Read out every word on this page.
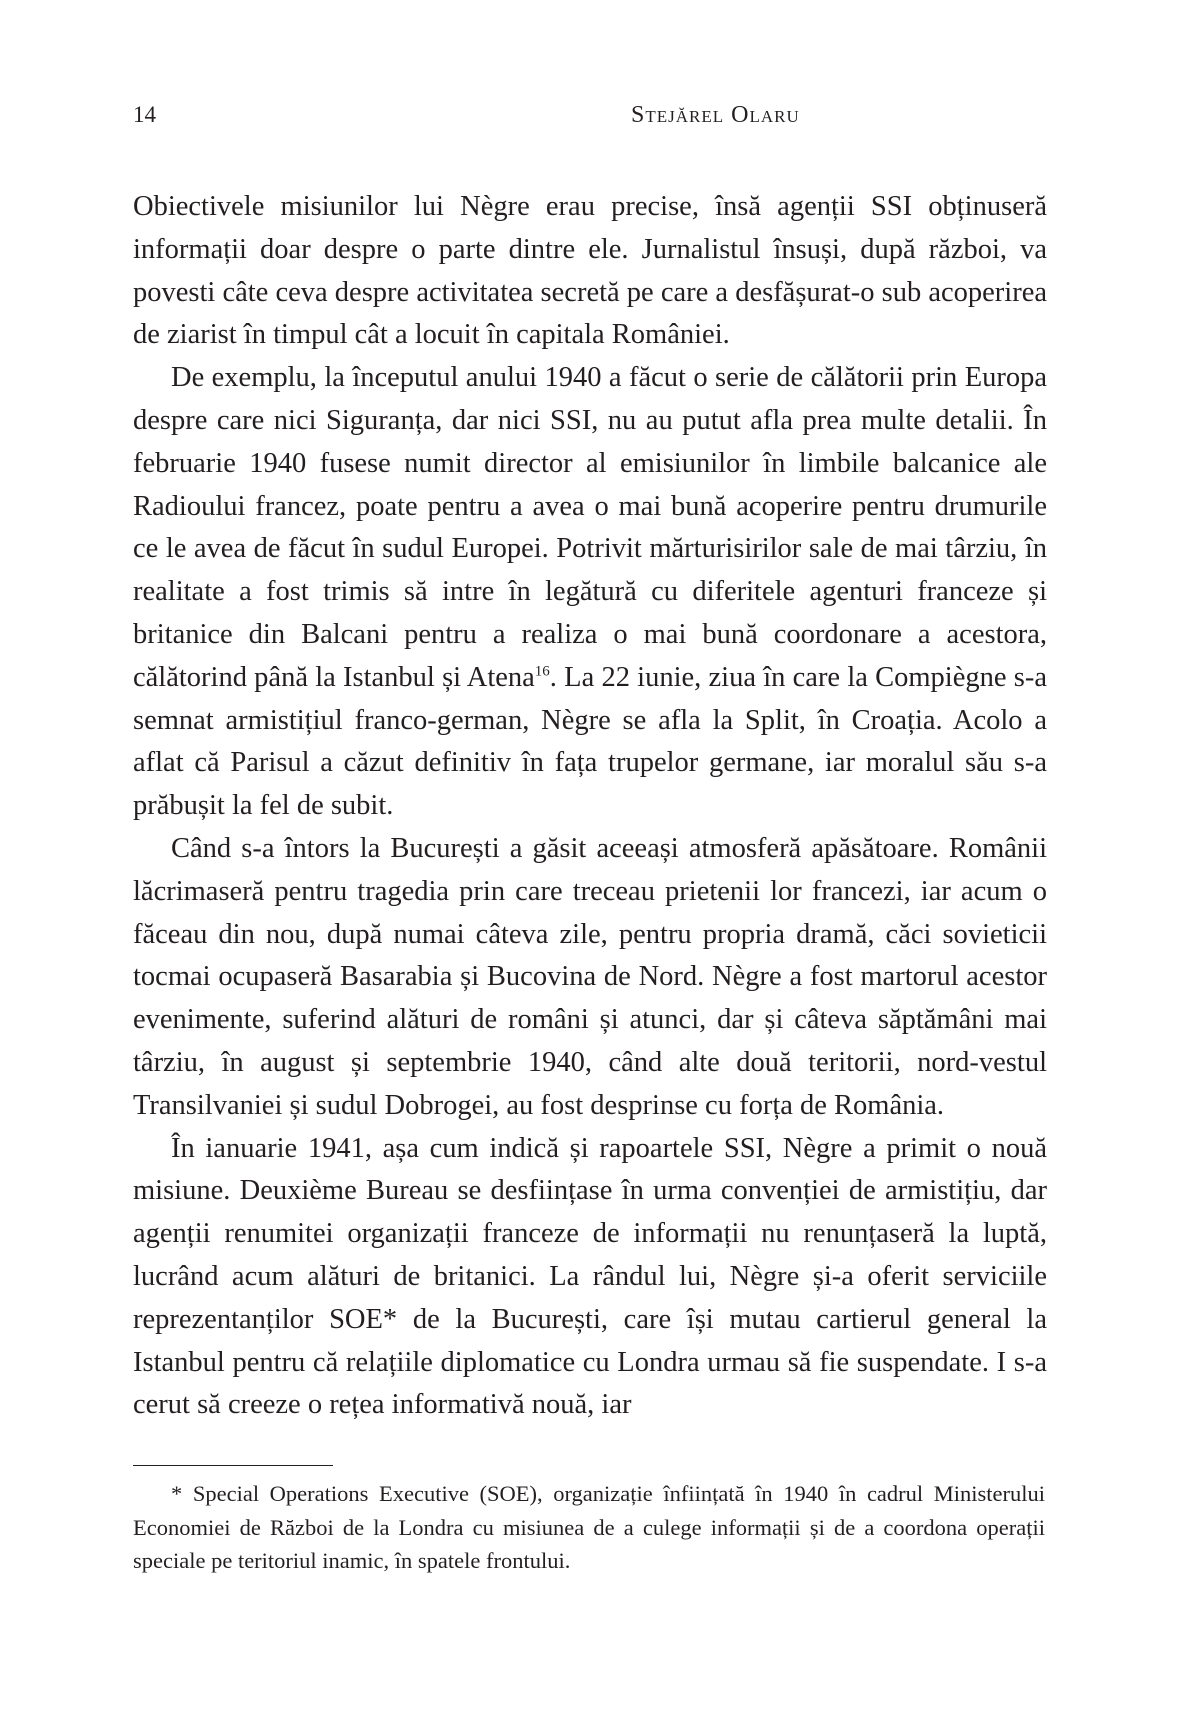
14	Stejărel Olaru

Obiectivele misiunilor lui Nègre erau precise, însă agenții SSI obținuseră informații doar despre o parte dintre ele. Jurnalistul însuși, după război, va povesti câte ceva despre activitatea secretă pe care a desfășurat-o sub acoperirea de ziarist în timpul cât a locuit în capitala României.

De exemplu, la începutul anului 1940 a făcut o serie de călătorii prin Europa despre care nici Siguranța, dar nici SSI, nu au putut afla prea multe detalii. În februarie 1940 fusese numit director al emisiunilor în limbile balcanice ale Radioului francez, poate pentru a avea o mai bună acoperire pentru drumurile ce le avea de făcut în sudul Europei. Potrivit mărturisirilor sale de mai târziu, în realitate a fost trimis să intre în legătură cu diferitele agenturi franceze și britanice din Balcani pentru a realiza o mai bună coordonare a acestora, călătorind până la Istanbul și Atena$^{16}$. La 22 iunie, ziua în care la Compiègne s-a semnat armistițiul franco-german, Nègre se afla la Split, în Croația. Acolo a aflat că Parisul a căzut definitiv în fața trupelor germane, iar moralul său s-a prăbușit la fel de subit.

Când s-a întors la București a găsit aceeași atmosferă apăsătoare. Românii lăcrimaseră pentru tragedia prin care treceau prietenii lor francezi, iar acum o făceau din nou, după numai câteva zile, pentru propria dramă, căci sovieticii tocmai ocupaseră Basarabia și Bucovina de Nord. Nègre a fost martorul acestor evenimente, suferind alături de români și atunci, dar și câteva săptămâni mai târziu, în august și septembrie 1940, când alte două teritorii, nord-vestul Transilvaniei și sudul Dobrogei, au fost desprinse cu forța de România.

În ianuarie 1941, așa cum indică și rapoartele SSI, Nègre a primit o nouă misiune. Deuxième Bureau se desființase în urma convenției de armistițiu, dar agenții renumitei organizații franceze de informații nu renunțaseră la luptă, lucrând acum alături de britanici. La rândul lui, Nègre și-a oferit serviciile reprezentanților SOE* de la București, care își mutau cartierul general la Istanbul pentru că relațiile diplomatice cu Londra urmau să fie suspendate. I s-a cerut să creeze o rețea informativă nouă, iar

* Special Operations Executive (SOE), organizație înființată în 1940 în cadrul Ministerului Economiei de Război de la Londra cu misiunea de a culege informații și de a coordona operații speciale pe teritoriul inamic, în spatele frontului.
